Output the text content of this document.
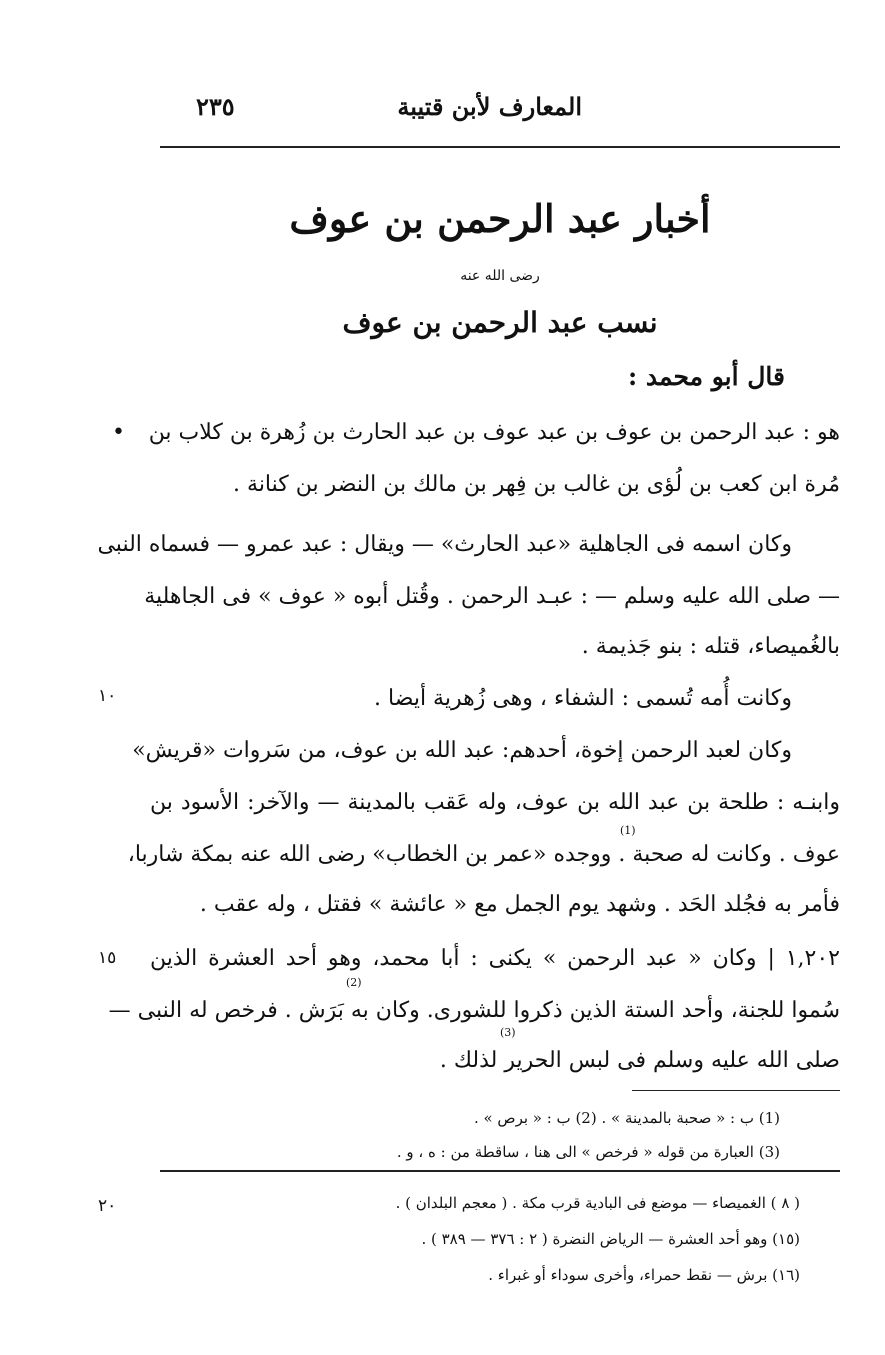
المعارف لأبن قتيبة
٢٣٥
أخبار عبد الرحمن بن عوف
رضى الله عنه
نسب عبد الرحمن بن عوف
قال أبو محمد :
هو : عبد الرحمن بن عوف بن عبد عوف بن عبد الحارث بن زُهرة بن كلاب بن
مُرة ابن كعب بن لُؤى بن غالب بن فِهر بن مالك بن النضر بن كنانة .
وكان اسمه فى الجاهلية «عبد الحارث» — ويقال : عبد عمرو — فسماه النبى
— صلى الله عليه وسلم — : عبـد الرحمن . وقُتل أبوه « عوف » فى الجاهلية
بالغُميصاء، قتله : بنو جَذيمة .
وكانت أُمه تُسمى : الشفاء ، وهى زُهرية أيضا .
وكان لعبد الرحمن إخوة، أحدهم: عبد الله بن عوف، من سَروات «قريش»
وابنـه : طلحة بن عبد الله بن عوف، وله عَقب بالمدينة — والآخر: الأسود بن
عوف . وكانت له صحبة . ووجده «عمر بن الخطاب» رضى الله عنه بمكة شاربا،
فأمر به فجُلد الحَد . وشهد يوم الجمل مع « عائشة » فقتل ، وله عقب .
١,٢٠٢ | وكان « عبد الرحمن » يكنى : أبا محمد، وهو أحد العشرة الذين
سُموا للجنة، وأحد الستة الذين ذكروا للشورى. وكان به بَرَش . فرخص له النبى —
صلى الله عليه وسلم فى لبس الحرير لذلك .
(1)
(2)
(3)
•
١٠
١٥
٢٠
(1) ب : « صحبة بالمدينة » . (2) ب : « برص » .
(3) العبارة من قوله « فرخص » الى هنا ، ساقطة من : ه ، و .
( ٨ ) الغميصاء — موضع فى البادية قرب مكة . ( معجم البلدان ) .
(١٥) وهو أحد العشرة — الرياض النضرة ( ٢ : ٣٧٦ — ٣٨٩ ) .
(١٦) برش — نقط حمراء، وأخرى سوداء أو غبراء .
